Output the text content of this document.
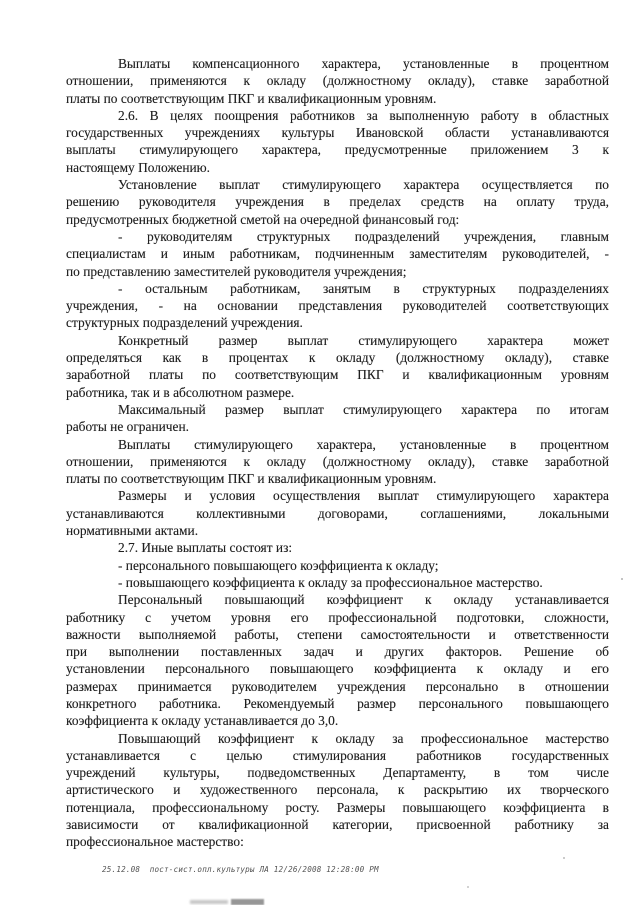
Выплаты компенсационного характера, установленные в процентном
отношении, применяются к окладу (должностному окладу), ставке заработной
платы по соответствующим ПКГ и квалификационным уровням.
2.6. В целях поощрения работников за выполненную работу в областных
государственных учреждениях культуры Ивановской области устанавливаются
выплаты стимулирующего характера, предусмотренные приложением 3 к
настоящему Положению.
Установление выплат стимулирующего характера осуществляется по
решению руководителя учреждения в пределах средств на оплату труда,
предусмотренных бюджетной сметой на очередной финансовый год:
- руководителям структурных подразделений учреждения, главным
специалистам и иным работникам, подчиненным заместителям руководителей, -
по представлению заместителей руководителя учреждения;
- остальным работникам, занятым в структурных подразделениях
учреждения, - на основании представления руководителей соответствующих
структурных подразделений учреждения.
Конкретный размер выплат стимулирующего характера может
определяться как в процентах к окладу (должностному окладу), ставке
заработной платы по соответствующим ПКГ и квалификационным уровням
работника, так и в абсолютном размере.
Максимальный размер выплат стимулирующего характера по итогам
работы не ограничен.
Выплаты стимулирующего характера, установленные в процентном
отношении, применяются к окладу (должностному окладу), ставке заработной
платы по соответствующим ПКГ и квалификационным уровням.
Размеры и условия осуществления выплат стимулирующего характера
устанавливаются коллективными договорами, соглашениями, локальными
нормативными актами.
2.7. Иные выплаты состоят из:
- персонального повышающего коэффициента к окладу;
- повышающего коэффициента к окладу за профессиональное мастерство.
Персональный повышающий коэффициент к окладу устанавливается
работнику с учетом уровня его профессиональной подготовки, сложности,
важности выполняемой работы, степени самостоятельности и ответственности
при выполнении поставленных задач и других факторов. Решение об
установлении персонального повышающего коэффициента к окладу и его
размерах принимается руководителем учреждения персонально в отношении
конкретного работника. Рекомендуемый размер персонального повышающего
коэффициента к окладу устанавливается до 3,0.
Повышающий коэффициент к окладу за профессиональное мастерство
устанавливается с целью стимулирования работников государственных
учреждений культуры, подведомственных Департаменту, в том числе
артистического и художественного персонала, к раскрытию их творческого
потенциала, профессиональному росту. Размеры повышающего коэффициента в
зависимости от квалификационной категории, присвоенной работнику за
профессиональное мастерство:
25.12.08  пост-сист.опл.культуры ЛА 12/26/2008 12:28:00 PM
